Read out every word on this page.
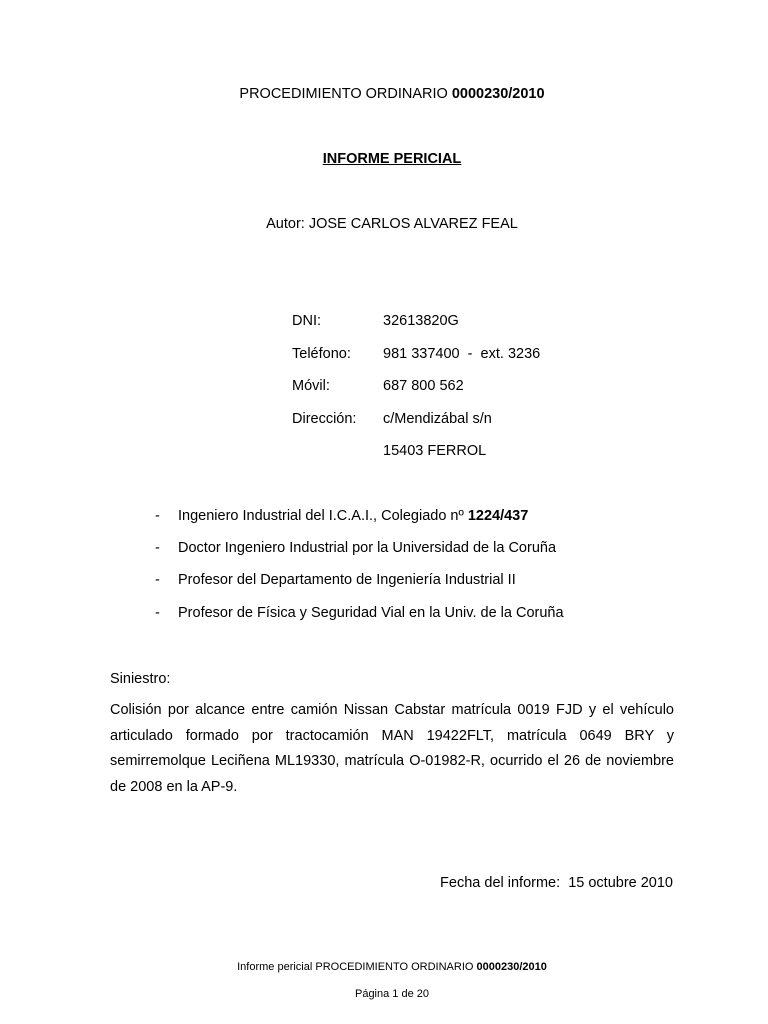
PROCEDIMIENTO ORDINARIO 0000230/2010
INFORME PERICIAL
Autor: JOSE CARLOS ALVAREZ FEAL
DNI:	32613820G
Teléfono:	981 337400  -  ext. 3236
Móvil:	687 800 562
Dirección:	c/Mendizábal s/n
15403 FERROL
-	Ingeniero Industrial del I.C.A.I., Colegiado nº 1224/437
-	Doctor Ingeniero Industrial por la Universidad de la Coruña
-	Profesor del Departamento de Ingeniería Industrial II
-	Profesor de Física y Seguridad Vial en la Univ. de la Coruña
Siniestro:

Colisión por alcance entre camión Nissan Cabstar matrícula 0019 FJD y el vehículo articulado formado por tractocamión MAN 19422FLT, matrícula 0649 BRY y semirremolque Leciñena ML19330, matrícula O-01982-R, ocurrido el 26 de noviembre de 2008 en la AP-9.

Fecha del informe:  15 octubre 2010
Informe pericial PROCEDIMIENTO ORDINARIO 0000230/2010
Página 1 de 20
